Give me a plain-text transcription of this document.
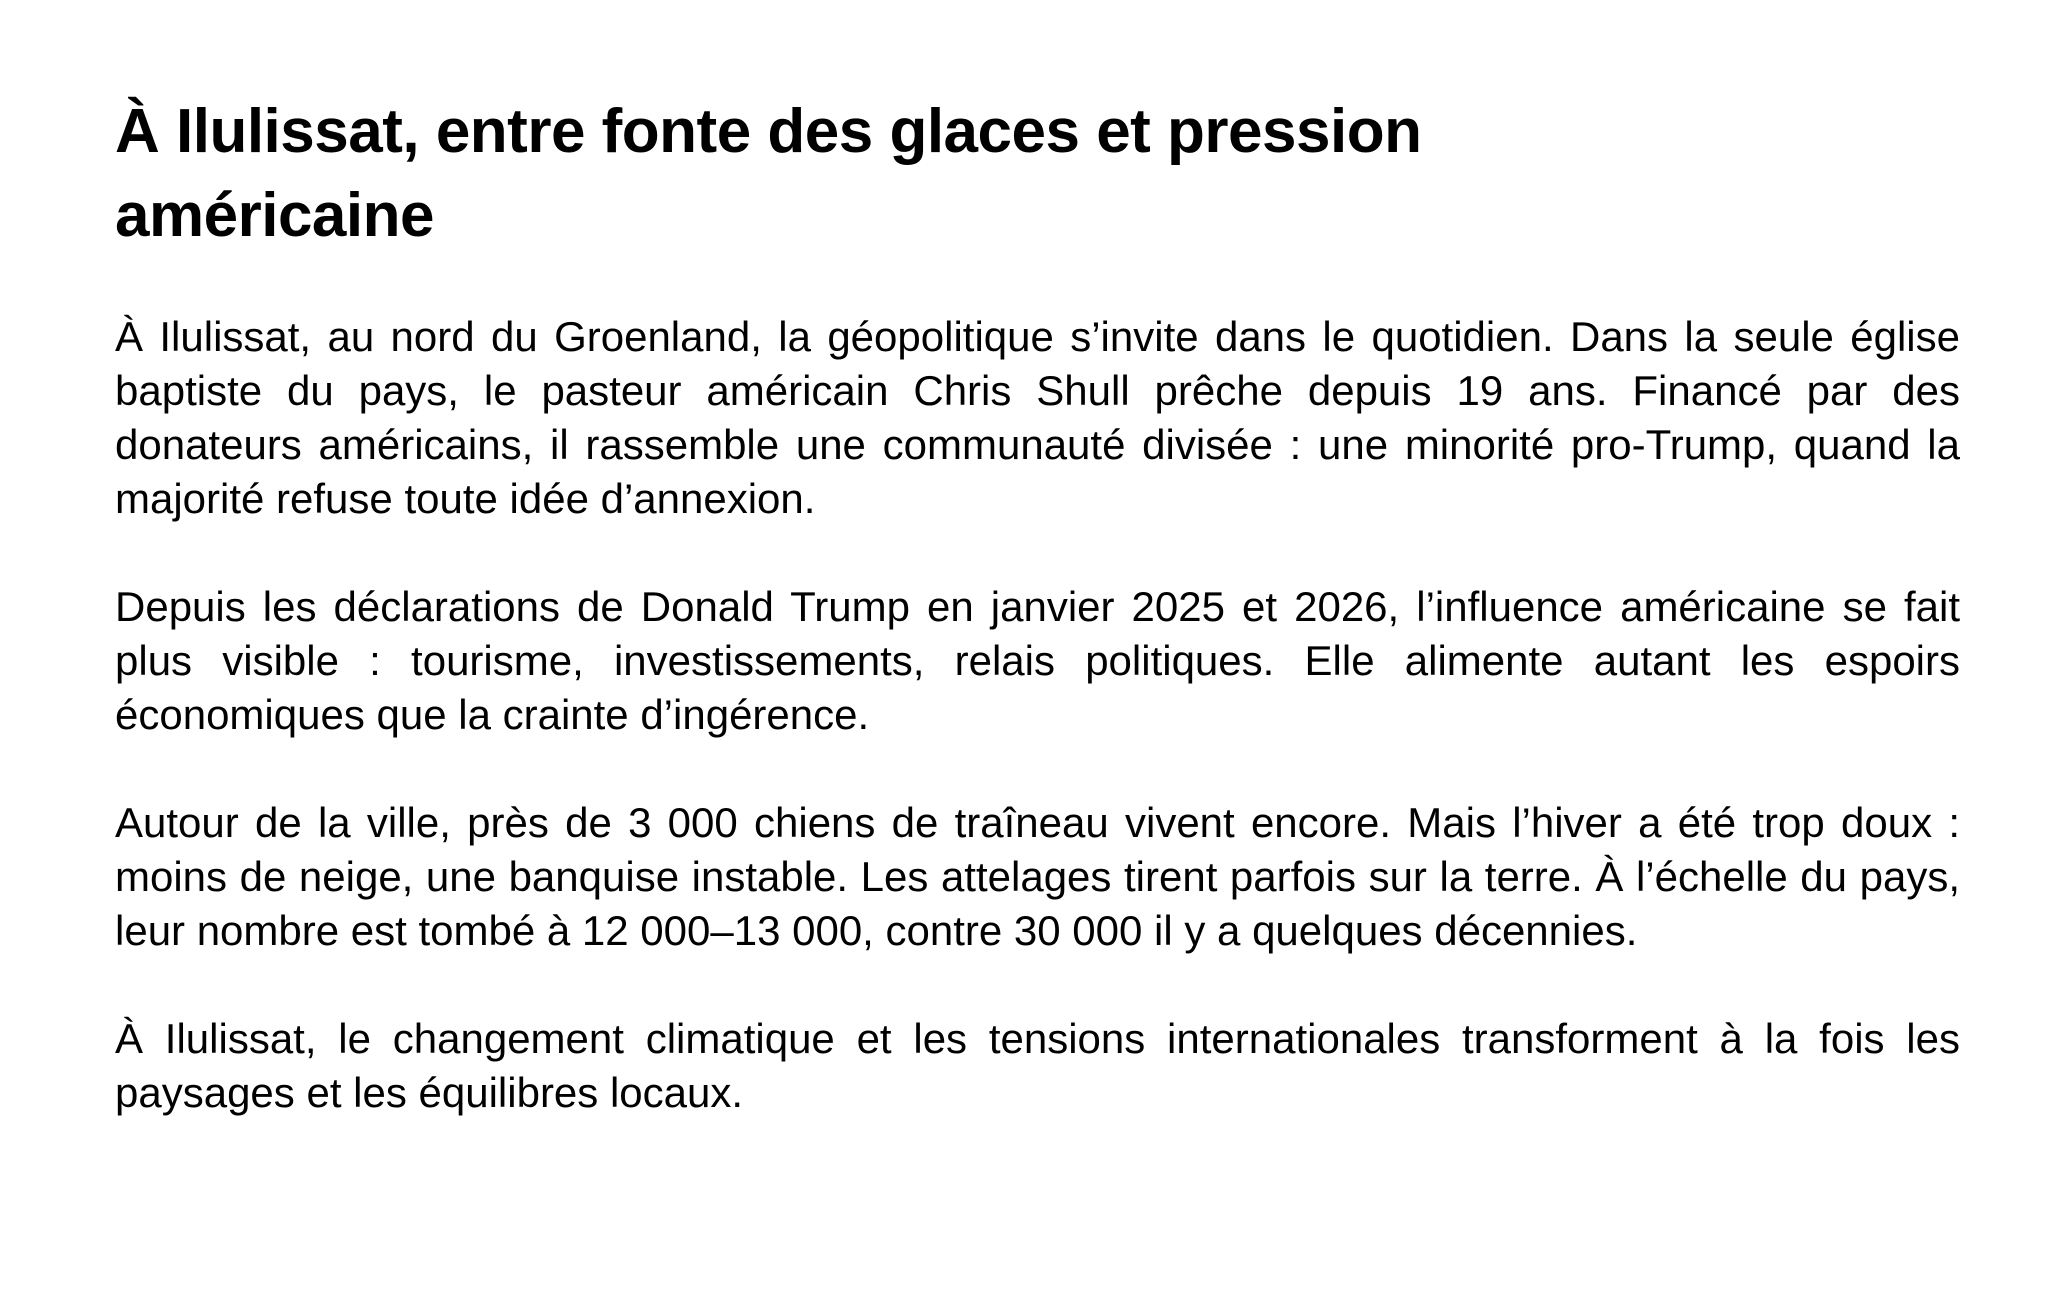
À Ilulissat, entre fonte des glaces et pression américaine

À Ilulissat, au nord du Groenland, la géopolitique s’invite dans le quotidien. Dans la seule église baptiste du pays, le pasteur américain Chris Shull prêche depuis 19 ans. Financé par des donateurs américains, il rassemble une communauté divisée : une minorité pro-Trump, quand la majorité refuse toute idée d’annexion.

Depuis les déclarations de Donald Trump en janvier 2025 et 2026, l’influence américaine se fait plus visible : tourisme, investissements, relais politiques. Elle alimente autant les espoirs économiques que la crainte d’ingérence.

Autour de la ville, près de 3 000 chiens de traîneau vivent encore. Mais l’hiver a été trop doux : moins de neige, une banquise instable. Les attelages tirent parfois sur la terre. À l’échelle du pays, leur nombre est tombé à 12 000–13 000, contre 30 000 il y a quelques décennies.

À Ilulissat, le changement climatique et les tensions internationales transforment à la fois les paysages et les équilibres locaux.
